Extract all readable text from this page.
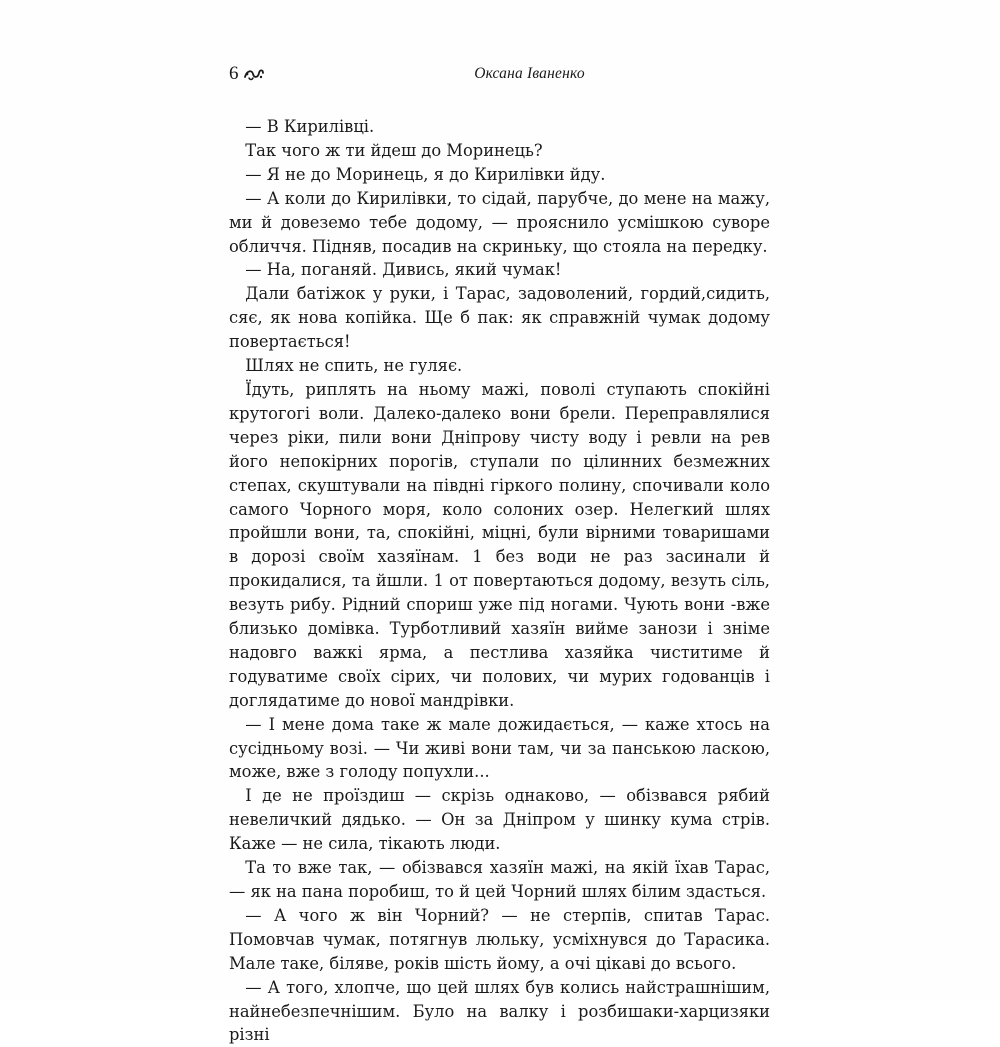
6	Оксана Іваненко

— В Кирилівці.

Так чого ж ти йдеш до Моринець?

— Я не до Моринець, я до Кирилівки йду.

— А коли до Кирилівки, то сідай, парубче, до мене на мажу, ми й довеземо тебе додому, — прояснило усмішкою суворе обличчя. Підняв, посадив на скриньку, що стояла на передку.

— На, поганяй. Дивись, який чумак!

Дали батіжок у руки, і Тарас, задоволений, гордий,сидить, сяє, як нова копійка. Ще б пак: як справжній чумак додому повертається!

Шлях не спить, не гуляє.

Їдуть, риплять на ньому мажі, поволі ступають спокійні крутогогі воли. Далеко-далеко вони брели. Переправлялися через ріки, пили вони Дніпрову чисту воду і ревли на рев його непокірних порогів, ступали по цілинних безмежних степах, скуштували на півдні гіркого полину, спочивали коло самого Чорного моря, коло солоних озер. Нелегкий шлях пройшли вони, та, спокійні, міцні, були вірними товаришами в дорозі своїм хазяїнам. 1 без води не раз засинали й прокидалися, та йшли. 1 от повертаються додому, везуть сіль, везуть рибу. Рідний спориш уже під ногами. Чують вони -вже близько домівка. Турботливий хазяїн вийме занози і зніме надовго важкі ярма, а пестлива хазяйка чиститиме й годуватиме своїх сірих, чи полових, чи мурих годованців і доглядатиме до нової мандрівки.

— І мене дома таке ж мале дожидається, — каже хтось на сусідньому возі. — Чи живі вони там, чи за панською ласкою, може, вже з голоду попухли...

І де не проїздиш — скрізь однаково, — обізвався рябий невеличкий дядько. — Он за Дніпром у шинку кума стрів. Каже — не сила, тікають люди.

Та то вже так, — обізвався хазяїн мажі, на якій їхав Тарас, — як на пана поробиш, то й цей Чорний шлях білим здасться.

— А чого ж він Чорний? — не стерпів, спитав Тарас. Помовчав чумак, потягнув люльку, усміхнувся до Тарасика. Мале таке, біляве, років шість йому, а очі цікаві до всього.

— А того, хлопче, що цей шлях був колись найстрашнішим, найнебезпечнішим. Було на валку і розбишаки-харцизяки різні
